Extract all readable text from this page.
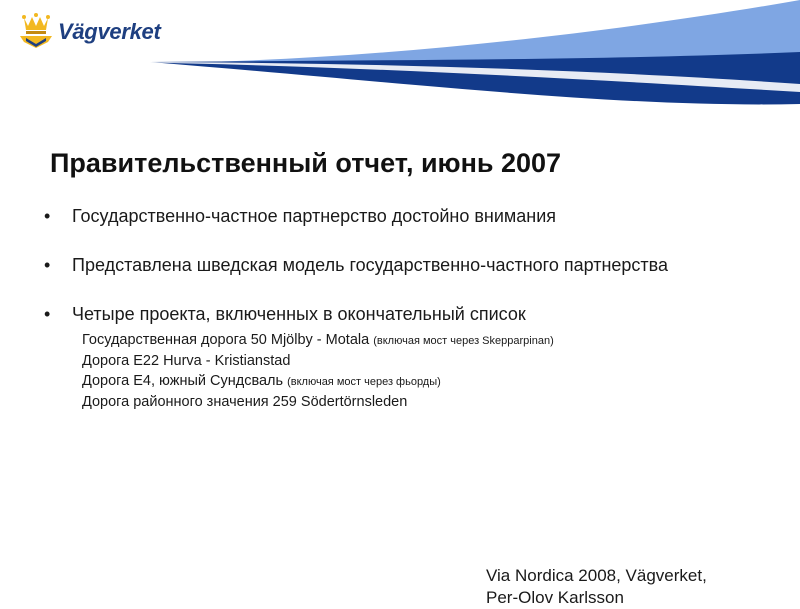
Vägverket
Правительственный отчет, июнь 2007
• Государственно-частное партнерство достойно внимания
• Представлена шведская модель государственно-частного партнерства
• Четыре проекта, включенных в окончательный список
Государственная дорога 50 Mjölby - Motala (включая мост через Skepparpinan)
Дорога E22 Hurva - Kristianstad
Дорога E4, южный Сундсваль (включая мост через фьорды)
Дорога районного значения 259 Södertörnsleden
Via Nordica 2008, Vägverket,
Per-Olov Karlsson
